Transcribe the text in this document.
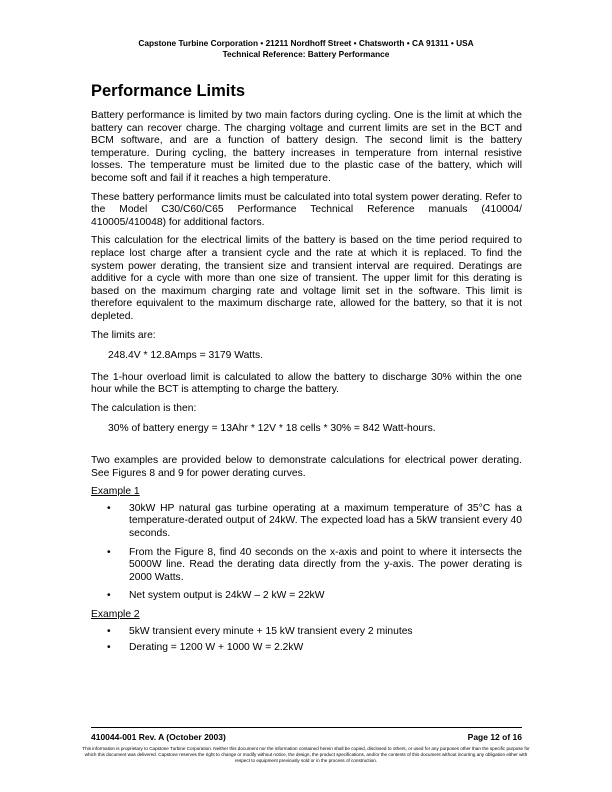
Capstone Turbine Corporation • 21211 Nordhoff Street • Chatsworth • CA 91311 • USA
Technical Reference: Battery Performance
Performance Limits

Battery performance is limited by two main factors during cycling. One is the limit at which the battery can recover charge. The charging voltage and current limits are set in the BCT and BCM software, and are a function of battery design. The second limit is the battery temperature. During cycling, the battery increases in temperature from internal resistive losses. The temperature must be limited due to the plastic case of the battery, which will become soft and fail if it reaches a high temperature.

These battery performance limits must be calculated into total system power derating. Refer to the Model C30/C60/C65 Performance Technical Reference manuals (410004/ 410005/410048) for additional factors.

This calculation for the electrical limits of the battery is based on the time period required to replace lost charge after a transient cycle and the rate at which it is replaced. To find the system power derating, the transient size and transient interval are required. Deratings are additive for a cycle with more than one size of transient. The upper limit for this derating is based on the maximum charging rate and voltage limit set in the software. This limit is therefore equivalent to the maximum discharge rate, allowed for the battery, so that it is not depleted.

The limits are:

248.4V * 12.8Amps = 3179 Watts.

The 1-hour overload limit is calculated to allow the battery to discharge 30% within the one hour while the BCT is attempting to charge the battery.

The calculation is then:

30% of battery energy = 13Ahr * 12V * 18 cells * 30% = 842 Watt-hours.

Two examples are provided below to demonstrate calculations for electrical power derating. See Figures 8 and 9 for power derating curves.

Example 1

• 30kW HP natural gas turbine operating at a maximum temperature of 35°C has a temperature-derated output of 24kW. The expected load has a 5kW transient every 40 seconds.
• From the Figure 8, find 40 seconds on the x-axis and point to where it intersects the 5000W line. Read the derating data directly from the y-axis. The power derating is 2000 Watts.
• Net system output is 24kW – 2 kW = 22kW

Example 2

• 5kW transient every minute + 15 kW transient every 2 minutes
• Derating = 1200 W + 1000 W = 2.2kW
410044-001 Rev. A (October 2003)	Page 12 of 16
This information is proprietary to Capstone Turbine Corporation. Neither this document nor the information contained herein shall be copied, disclosed to others, or used for any purposes other than the specific purpose for which this document was delivered. Capstone reserves the right to change or modify without notice, the design, the product specifications, and/or the contents of this document without incurring any obligation either with respect to equipment previously sold or in the process of construction.
